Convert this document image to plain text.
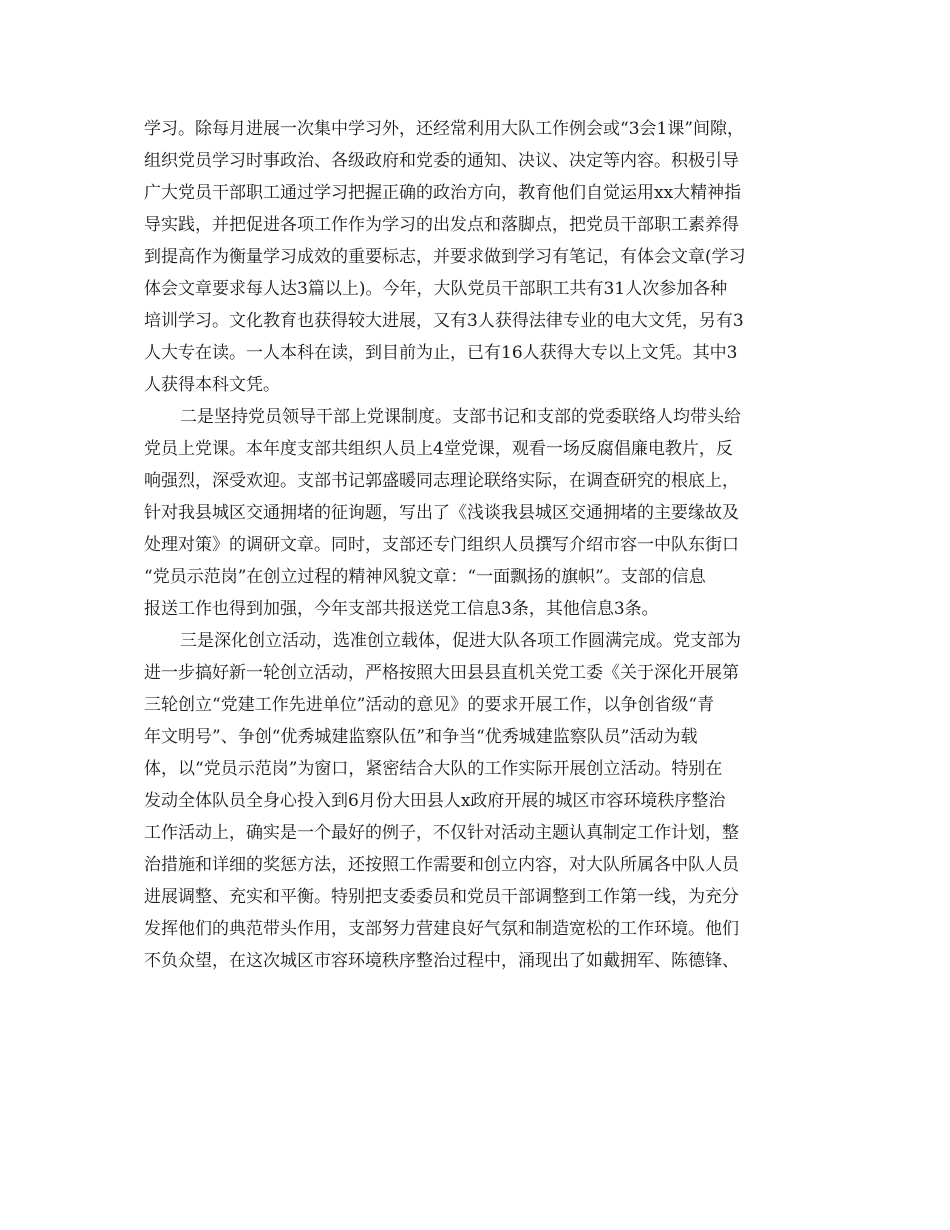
学习。除每月进展一次集中学习外，还经常利用大队工作例会或“3会1课”间隙，
组织党员学习时事政治、各级政府和党委的通知、决议、决定等内容。积极引导
广大党员干部职工通过学习把握正确的政治方向，教育他们自觉运用xx大精神指
导实践，并把促进各项工作作为学习的出发点和落脚点，把党员干部职工素养得
到提高作为衡量学习成效的重要标志，并要求做到学习有笔记，有体会文章(学习
体会文章要求每人达3篇以上)。今年，大队党员干部职工共有31人次参加各种
培训学习。文化教育也获得较大进展，又有3人获得法律专业的电大文凭，另有3
人大专在读。一人本科在读，到目前为止，已有16人获得大专以上文凭。其中3
人获得本科文凭。
二是坚持党员领导干部上党课制度。支部书记和支部的党委联络人均带头给
党员上党课。本年度支部共组织人员上4堂党课，观看一场反腐倡廉电教片，反
响强烈，深受欢迎。支部书记郭盛暖同志理论联络实际，在调查研究的根底上，
针对我县城区交通拥堵的征询题，写出了《浅谈我县城区交通拥堵的主要缘故及
处理对策》的调研文章。同时，支部还专门组织人员撰写介绍市容一中队东街口
“党员示范岗”在创立过程的精神风貌文章：“一面飘扬的旗帜”。支部的信息
报送工作也得到加强，今年支部共报送党工信息3条，其他信息3条。
三是深化创立活动，选准创立载体，促进大队各项工作圆满完成。党支部为
进一步搞好新一轮创立活动，严格按照大田县县直机关党工委《关于深化开展第
三轮创立“党建工作先进单位”活动的意见》的要求开展工作，以争创省级“青
年文明号”、争创“优秀城建监察队伍”和争当“优秀城建监察队员”活动为载
体，以“党员示范岗”为窗口，紧密结合大队的工作实际开展创立活动。特别在
发动全体队员全身心投入到6月份大田县人x政府开展的城区市容环境秩序整治
工作活动上，确实是一个最好的例子，不仅针对活动主题认真制定工作计划，整
治措施和详细的奖惩方法，还按照工作需要和创立内容，对大队所属各中队人员
进展调整、充实和平衡。特别把支委委员和党员干部调整到工作第一线，为充分
发挥他们的典范带头作用，支部努力营建良好气氛和制造宽松的工作环境。他们
不负众望，在这次城区市容环境秩序整治过程中，涌现出了如戴拥军、陈德锋、
